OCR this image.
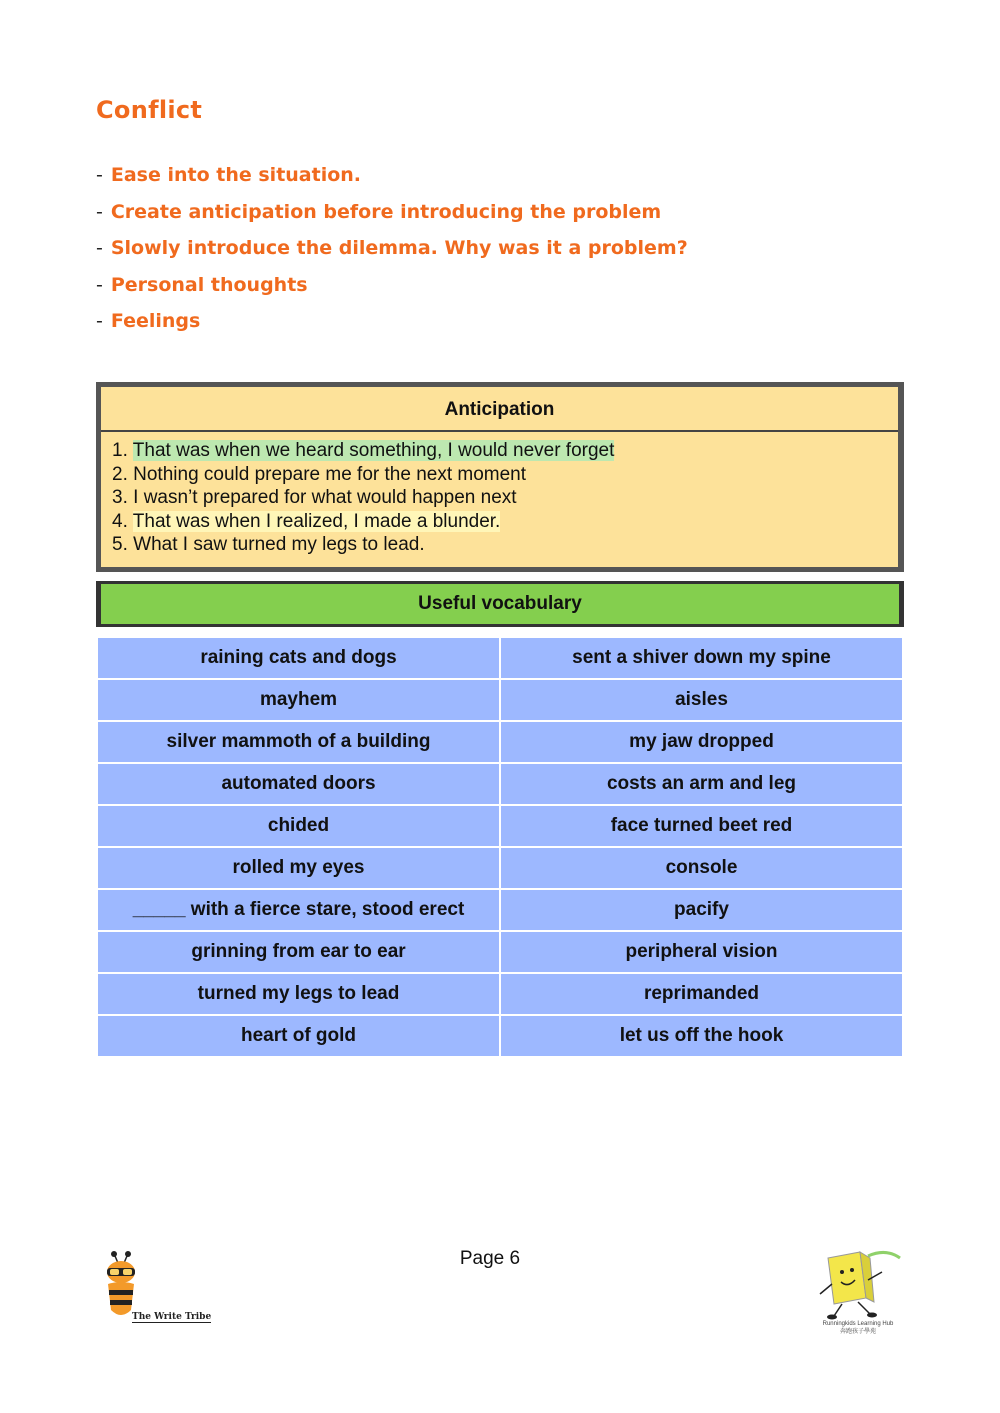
Conflict
- Ease into the situation.
- Create anticipation before introducing the problem
- Slowly introduce the dilemma. Why was it a problem?
- Personal thoughts
- Feelings
Anticipation
1. That was when we heard something, I would never forget
2. Nothing could prepare me for the next moment
3. I wasn’t prepared for what would happen next
4. That was when I realized, I made a blunder.
5. What I saw turned my legs to lead.
Useful vocabulary
raining cats and dogs	sent a shiver down my spine
mayhem	aisles
silver mammoth of a building	my jaw dropped
automated doors	costs an arm and leg
chided	face turned beet red
rolled my eyes	console
_____ with a fierce stare, stood erect	pacify
grinning from ear to ear	peripheral vision
turned my legs to lead	reprimanded
heart of gold	let us off the hook
Page 6
The Write Tribe
Runningkids Learning Hub
奔跑孩子學苑
